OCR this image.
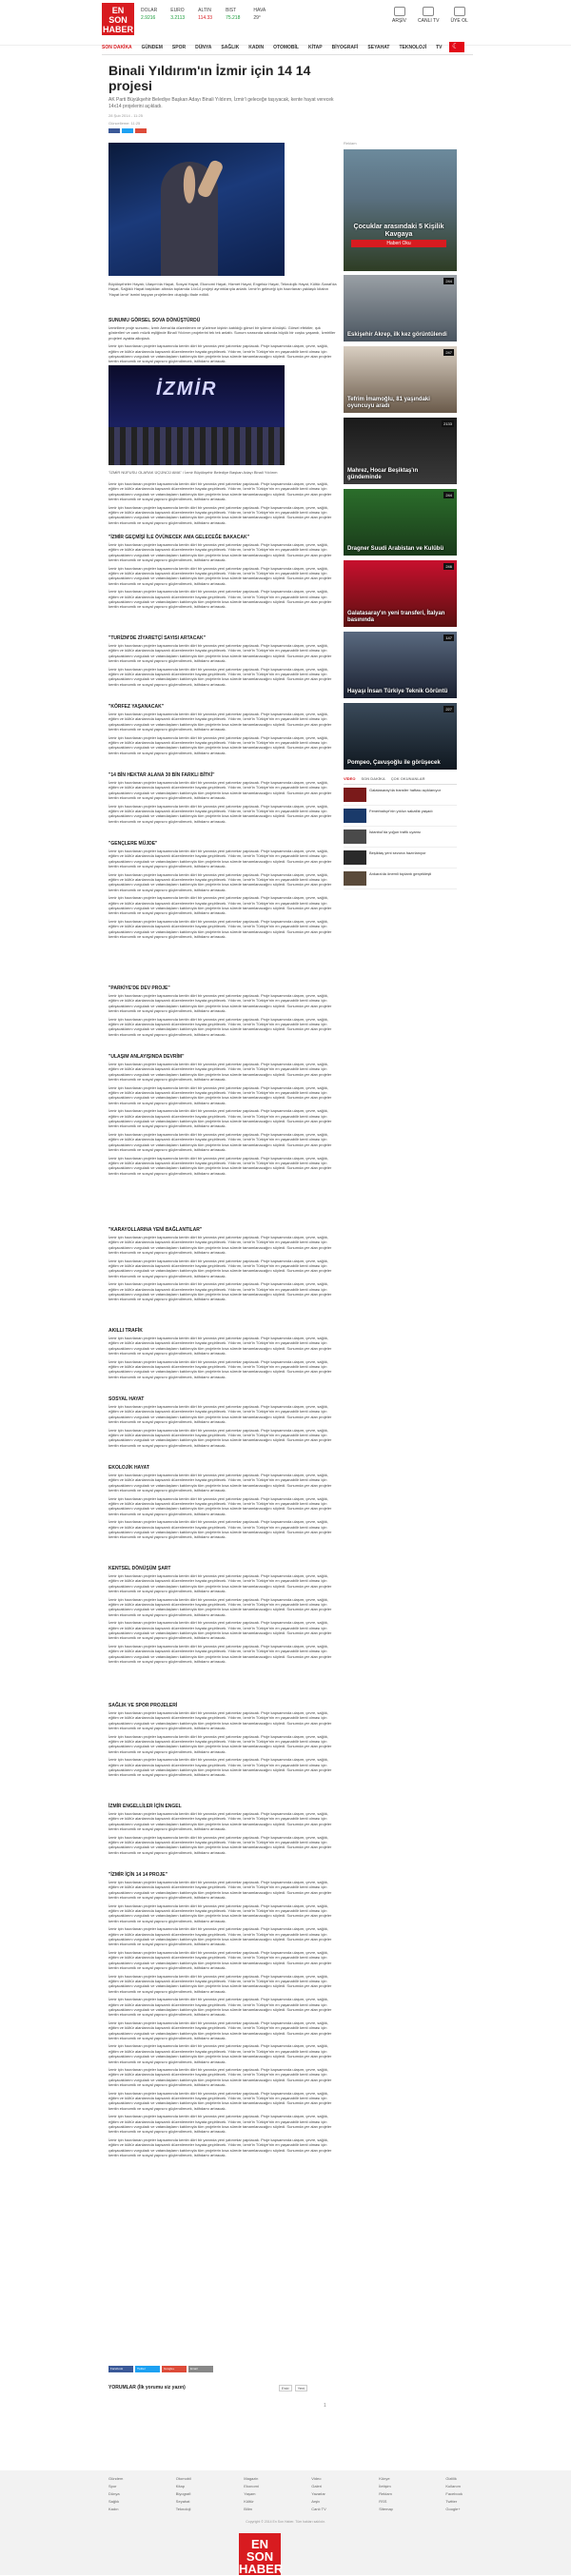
EN SON HABER
DOLAR
2.9216
EURO
3.2113
ALTIN
114.33
BIST
75.218
HAVA
29°	ARŞİV CANLI TV ÜYE OL
SON DAKİKA GÜNDEM SPOR DÜNYA SAĞLIK KADIN OTOMOBİL KİTAP BİYOGRAFİ SEYAHAT TEKNOLOJİ TV
☾
Binali Yıldırım'ın İzmir için 14 14 projesi

AK Parti Büyükşehir Belediye Başkan Adayı Binali Yıldırım, İzmir'i geleceğe taşıyacak, kente hayat verecek 14x14 projelerini açıkladı.

28 Şub 2014 - 11:25

Güncelleme: 11:25

Büyükşehirler Hayatı; Ulaşım'da Hayat, Sosyal Hayat, Ekonomi Hayat, Hizmet Hayat, Engelsiz Hayat, Teknolojik Hayat, Kültür-Sanat'da Hayat, Sağlıklı Hayat başlıkları altında toplamda 14x14 projeyi ayrıntılarıyla anlattı. İzmir'in geleceği için hazırlanan yaklaşık kitabın 'Hayat İzmir' ismini taşıyan projelerden oluştuğu ifade edildi.

SUNUMU GÖRSEL SOVA DÖNÜŞTÜRDÜ

İzmirlilere proje sunumu, İzmir Arena'da düzenlenen ve yüzlerce kişinin katıldığı görsel bir şölene dönüştü. Görsel efektler, ışık gösterileri ve canlı müzik eşliğinde Binali Yıldırım projelerini tek tek anlattı. Sunum sırasında salonda büyük bir coşku yaşandı, İzmirliler projeleri ayakta alkışladı.

İzmir için hazırlanan projeler kapsamında kentin dört bir yanında yeni yatırımlar yapılacak. Proje kapsamında ulaşım, çevre, sağlık, eğitim ve kültür alanlarında kapsamlı düzenlemeler hayata geçirilecek. Yıldırım, İzmir'in Türkiye'nin en yaşanabilir kenti olması için çalışacaklarını vurguladı ve vatandaşların katılımıyla tüm projelerin kısa sürede tamamlanacağını söyledi. Sunumda yer alan projeler kentin ekonomik ve sosyal yapısını güçlendirecek, istihdamı artıracak.

İZMİR
"İZMİR NÜFUSU OLARAK ÜÇÜNCÜ AMA" / İzmir Büyükşehir Belediye Başkan Adayı Binali Yıldırım

İzmir için hazırlanan projeler kapsamında kentin dört bir yanında yeni yatırımlar yapılacak. Proje kapsamında ulaşım, çevre, sağlık, eğitim ve kültür alanlarında kapsamlı düzenlemeler hayata geçirilecek. Yıldırım, İzmir'in Türkiye'nin en yaşanabilir kenti olması için çalışacaklarını vurguladı ve vatandaşların katılımıyla tüm projelerin kısa sürede tamamlanacağını söyledi. Sunumda yer alan projeler kentin ekonomik ve sosyal yapısını güçlendirecek, istihdamı artıracak.

İzmir için hazırlanan projeler kapsamında kentin dört bir yanında yeni yatırımlar yapılacak. Proje kapsamında ulaşım, çevre, sağlık, eğitim ve kültür alanlarında kapsamlı düzenlemeler hayata geçirilecek. Yıldırım, İzmir'in Türkiye'nin en yaşanabilir kenti olması için çalışacaklarını vurguladı ve vatandaşların katılımıyla tüm projelerin kısa sürede tamamlanacağını söyledi. Sunumda yer alan projeler kentin ekonomik ve sosyal yapısını güçlendirecek, istihdamı artıracak.

"İZMİR GEÇMİŞİ İLE ÖVÜNECEK AMA GELECEĞE BAKACAK"

İzmir için hazırlanan projeler kapsamında kentin dört bir yanında yeni yatırımlar yapılacak. Proje kapsamında ulaşım, çevre, sağlık, eğitim ve kültür alanlarında kapsamlı düzenlemeler hayata geçirilecek. Yıldırım, İzmir'in Türkiye'nin en yaşanabilir kenti olması için çalışacaklarını vurguladı ve vatandaşların katılımıyla tüm projelerin kısa sürede tamamlanacağını söyledi. Sunumda yer alan projeler kentin ekonomik ve sosyal yapısını güçlendirecek, istihdamı artıracak.

İzmir için hazırlanan projeler kapsamında kentin dört bir yanında yeni yatırımlar yapılacak. Proje kapsamında ulaşım, çevre, sağlık, eğitim ve kültür alanlarında kapsamlı düzenlemeler hayata geçirilecek. Yıldırım, İzmir'in Türkiye'nin en yaşanabilir kenti olması için çalışacaklarını vurguladı ve vatandaşların katılımıyla tüm projelerin kısa sürede tamamlanacağını söyledi. Sunumda yer alan projeler kentin ekonomik ve sosyal yapısını güçlendirecek, istihdamı artıracak.

İzmir için hazırlanan projeler kapsamında kentin dört bir yanında yeni yatırımlar yapılacak. Proje kapsamında ulaşım, çevre, sağlık, eğitim ve kültür alanlarında kapsamlı düzenlemeler hayata geçirilecek. Yıldırım, İzmir'in Türkiye'nin en yaşanabilir kenti olması için çalışacaklarını vurguladı ve vatandaşların katılımıyla tüm projelerin kısa sürede tamamlanacağını söyledi. Sunumda yer alan projeler kentin ekonomik ve sosyal yapısını güçlendirecek, istihdamı artıracak.

"TURİZM'DE ZİYARETÇİ SAYISI ARTACAK"

İzmir için hazırlanan projeler kapsamında kentin dört bir yanında yeni yatırımlar yapılacak. Proje kapsamında ulaşım, çevre, sağlık, eğitim ve kültür alanlarında kapsamlı düzenlemeler hayata geçirilecek. Yıldırım, İzmir'in Türkiye'nin en yaşanabilir kenti olması için çalışacaklarını vurguladı ve vatandaşların katılımıyla tüm projelerin kısa sürede tamamlanacağını söyledi. Sunumda yer alan projeler kentin ekonomik ve sosyal yapısını güçlendirecek, istihdamı artıracak.

İzmir için hazırlanan projeler kapsamında kentin dört bir yanında yeni yatırımlar yapılacak. Proje kapsamında ulaşım, çevre, sağlık, eğitim ve kültür alanlarında kapsamlı düzenlemeler hayata geçirilecek. Yıldırım, İzmir'in Türkiye'nin en yaşanabilir kenti olması için çalışacaklarını vurguladı ve vatandaşların katılımıyla tüm projelerin kısa sürede tamamlanacağını söyledi. Sunumda yer alan projeler kentin ekonomik ve sosyal yapısını güçlendirecek, istihdamı artıracak.

"KÖRFEZ YAŞANACAK"

İzmir için hazırlanan projeler kapsamında kentin dört bir yanında yeni yatırımlar yapılacak. Proje kapsamında ulaşım, çevre, sağlık, eğitim ve kültür alanlarında kapsamlı düzenlemeler hayata geçirilecek. Yıldırım, İzmir'in Türkiye'nin en yaşanabilir kenti olması için çalışacaklarını vurguladı ve vatandaşların katılımıyla tüm projelerin kısa sürede tamamlanacağını söyledi. Sunumda yer alan projeler kentin ekonomik ve sosyal yapısını güçlendirecek, istihdamı artıracak.

İzmir için hazırlanan projeler kapsamında kentin dört bir yanında yeni yatırımlar yapılacak. Proje kapsamında ulaşım, çevre, sağlık, eğitim ve kültür alanlarında kapsamlı düzenlemeler hayata geçirilecek. Yıldırım, İzmir'in Türkiye'nin en yaşanabilir kenti olması için çalışacaklarını vurguladı ve vatandaşların katılımıyla tüm projelerin kısa sürede tamamlanacağını söyledi. Sunumda yer alan projeler kentin ekonomik ve sosyal yapısını güçlendirecek, istihdamı artıracak.

"14 BİN HEKTAR ALANA 30 BİN FARKLI BİTKİ"

İzmir için hazırlanan projeler kapsamında kentin dört bir yanında yeni yatırımlar yapılacak. Proje kapsamında ulaşım, çevre, sağlık, eğitim ve kültür alanlarında kapsamlı düzenlemeler hayata geçirilecek. Yıldırım, İzmir'in Türkiye'nin en yaşanabilir kenti olması için çalışacaklarını vurguladı ve vatandaşların katılımıyla tüm projelerin kısa sürede tamamlanacağını söyledi. Sunumda yer alan projeler kentin ekonomik ve sosyal yapısını güçlendirecek, istihdamı artıracak.

İzmir için hazırlanan projeler kapsamında kentin dört bir yanında yeni yatırımlar yapılacak. Proje kapsamında ulaşım, çevre, sağlık, eğitim ve kültür alanlarında kapsamlı düzenlemeler hayata geçirilecek. Yıldırım, İzmir'in Türkiye'nin en yaşanabilir kenti olması için çalışacaklarını vurguladı ve vatandaşların katılımıyla tüm projelerin kısa sürede tamamlanacağını söyledi. Sunumda yer alan projeler kentin ekonomik ve sosyal yapısını güçlendirecek, istihdamı artıracak.

"GENÇLERE MÜJDE"

İzmir için hazırlanan projeler kapsamında kentin dört bir yanında yeni yatırımlar yapılacak. Proje kapsamında ulaşım, çevre, sağlık, eğitim ve kültür alanlarında kapsamlı düzenlemeler hayata geçirilecek. Yıldırım, İzmir'in Türkiye'nin en yaşanabilir kenti olması için çalışacaklarını vurguladı ve vatandaşların katılımıyla tüm projelerin kısa sürede tamamlanacağını söyledi. Sunumda yer alan projeler kentin ekonomik ve sosyal yapısını güçlendirecek, istihdamı artıracak.

İzmir için hazırlanan projeler kapsamında kentin dört bir yanında yeni yatırımlar yapılacak. Proje kapsamında ulaşım, çevre, sağlık, eğitim ve kültür alanlarında kapsamlı düzenlemeler hayata geçirilecek. Yıldırım, İzmir'in Türkiye'nin en yaşanabilir kenti olması için çalışacaklarını vurguladı ve vatandaşların katılımıyla tüm projelerin kısa sürede tamamlanacağını söyledi. Sunumda yer alan projeler kentin ekonomik ve sosyal yapısını güçlendirecek, istihdamı artıracak.

İzmir için hazırlanan projeler kapsamında kentin dört bir yanında yeni yatırımlar yapılacak. Proje kapsamında ulaşım, çevre, sağlık, eğitim ve kültür alanlarında kapsamlı düzenlemeler hayata geçirilecek. Yıldırım, İzmir'in Türkiye'nin en yaşanabilir kenti olması için çalışacaklarını vurguladı ve vatandaşların katılımıyla tüm projelerin kısa sürede tamamlanacağını söyledi. Sunumda yer alan projeler kentin ekonomik ve sosyal yapısını güçlendirecek, istihdamı artıracak.

İzmir için hazırlanan projeler kapsamında kentin dört bir yanında yeni yatırımlar yapılacak. Proje kapsamında ulaşım, çevre, sağlık, eğitim ve kültür alanlarında kapsamlı düzenlemeler hayata geçirilecek. Yıldırım, İzmir'in Türkiye'nin en yaşanabilir kenti olması için çalışacaklarını vurguladı ve vatandaşların katılımıyla tüm projelerin kısa sürede tamamlanacağını söyledi. Sunumda yer alan projeler kentin ekonomik ve sosyal yapısını güçlendirecek, istihdamı artıracak.

"PARKİYE'DE DEV PROJE"

İzmir için hazırlanan projeler kapsamında kentin dört bir yanında yeni yatırımlar yapılacak. Proje kapsamında ulaşım, çevre, sağlık, eğitim ve kültür alanlarında kapsamlı düzenlemeler hayata geçirilecek. Yıldırım, İzmir'in Türkiye'nin en yaşanabilir kenti olması için çalışacaklarını vurguladı ve vatandaşların katılımıyla tüm projelerin kısa sürede tamamlanacağını söyledi. Sunumda yer alan projeler kentin ekonomik ve sosyal yapısını güçlendirecek, istihdamı artıracak.

İzmir için hazırlanan projeler kapsamında kentin dört bir yanında yeni yatırımlar yapılacak. Proje kapsamında ulaşım, çevre, sağlık, eğitim ve kültür alanlarında kapsamlı düzenlemeler hayata geçirilecek. Yıldırım, İzmir'in Türkiye'nin en yaşanabilir kenti olması için çalışacaklarını vurguladı ve vatandaşların katılımıyla tüm projelerin kısa sürede tamamlanacağını söyledi. Sunumda yer alan projeler kentin ekonomik ve sosyal yapısını güçlendirecek, istihdamı artıracak.

"ULAŞIM ANLAYIŞINDA DEVRİM"

İzmir için hazırlanan projeler kapsamında kentin dört bir yanında yeni yatırımlar yapılacak. Proje kapsamında ulaşım, çevre, sağlık, eğitim ve kültür alanlarında kapsamlı düzenlemeler hayata geçirilecek. Yıldırım, İzmir'in Türkiye'nin en yaşanabilir kenti olması için çalışacaklarını vurguladı ve vatandaşların katılımıyla tüm projelerin kısa sürede tamamlanacağını söyledi. Sunumda yer alan projeler kentin ekonomik ve sosyal yapısını güçlendirecek, istihdamı artıracak.

İzmir için hazırlanan projeler kapsamında kentin dört bir yanında yeni yatırımlar yapılacak. Proje kapsamında ulaşım, çevre, sağlık, eğitim ve kültür alanlarında kapsamlı düzenlemeler hayata geçirilecek. Yıldırım, İzmir'in Türkiye'nin en yaşanabilir kenti olması için çalışacaklarını vurguladı ve vatandaşların katılımıyla tüm projelerin kısa sürede tamamlanacağını söyledi. Sunumda yer alan projeler kentin ekonomik ve sosyal yapısını güçlendirecek, istihdamı artıracak.

İzmir için hazırlanan projeler kapsamında kentin dört bir yanında yeni yatırımlar yapılacak. Proje kapsamında ulaşım, çevre, sağlık, eğitim ve kültür alanlarında kapsamlı düzenlemeler hayata geçirilecek. Yıldırım, İzmir'in Türkiye'nin en yaşanabilir kenti olması için çalışacaklarını vurguladı ve vatandaşların katılımıyla tüm projelerin kısa sürede tamamlanacağını söyledi. Sunumda yer alan projeler kentin ekonomik ve sosyal yapısını güçlendirecek, istihdamı artıracak.

İzmir için hazırlanan projeler kapsamında kentin dört bir yanında yeni yatırımlar yapılacak. Proje kapsamında ulaşım, çevre, sağlık, eğitim ve kültür alanlarında kapsamlı düzenlemeler hayata geçirilecek. Yıldırım, İzmir'in Türkiye'nin en yaşanabilir kenti olması için çalışacaklarını vurguladı ve vatandaşların katılımıyla tüm projelerin kısa sürede tamamlanacağını söyledi. Sunumda yer alan projeler kentin ekonomik ve sosyal yapısını güçlendirecek, istihdamı artıracak.

İzmir için hazırlanan projeler kapsamında kentin dört bir yanında yeni yatırımlar yapılacak. Proje kapsamında ulaşım, çevre, sağlık, eğitim ve kültür alanlarında kapsamlı düzenlemeler hayata geçirilecek. Yıldırım, İzmir'in Türkiye'nin en yaşanabilir kenti olması için çalışacaklarını vurguladı ve vatandaşların katılımıyla tüm projelerin kısa sürede tamamlanacağını söyledi. Sunumda yer alan projeler kentin ekonomik ve sosyal yapısını güçlendirecek, istihdamı artıracak.

"KARAYOLLARINA YENİ BAĞLANTILAR"

İzmir için hazırlanan projeler kapsamında kentin dört bir yanında yeni yatırımlar yapılacak. Proje kapsamında ulaşım, çevre, sağlık, eğitim ve kültür alanlarında kapsamlı düzenlemeler hayata geçirilecek. Yıldırım, İzmir'in Türkiye'nin en yaşanabilir kenti olması için çalışacaklarını vurguladı ve vatandaşların katılımıyla tüm projelerin kısa sürede tamamlanacağını söyledi. Sunumda yer alan projeler kentin ekonomik ve sosyal yapısını güçlendirecek, istihdamı artıracak.

İzmir için hazırlanan projeler kapsamında kentin dört bir yanında yeni yatırımlar yapılacak. Proje kapsamında ulaşım, çevre, sağlık, eğitim ve kültür alanlarında kapsamlı düzenlemeler hayata geçirilecek. Yıldırım, İzmir'in Türkiye'nin en yaşanabilir kenti olması için çalışacaklarını vurguladı ve vatandaşların katılımıyla tüm projelerin kısa sürede tamamlanacağını söyledi. Sunumda yer alan projeler kentin ekonomik ve sosyal yapısını güçlendirecek, istihdamı artıracak.

İzmir için hazırlanan projeler kapsamında kentin dört bir yanında yeni yatırımlar yapılacak. Proje kapsamında ulaşım, çevre, sağlık, eğitim ve kültür alanlarında kapsamlı düzenlemeler hayata geçirilecek. Yıldırım, İzmir'in Türkiye'nin en yaşanabilir kenti olması için çalışacaklarını vurguladı ve vatandaşların katılımıyla tüm projelerin kısa sürede tamamlanacağını söyledi. Sunumda yer alan projeler kentin ekonomik ve sosyal yapısını güçlendirecek, istihdamı artıracak.

AKILLI TRAFİK

İzmir için hazırlanan projeler kapsamında kentin dört bir yanında yeni yatırımlar yapılacak. Proje kapsamında ulaşım, çevre, sağlık, eğitim ve kültür alanlarında kapsamlı düzenlemeler hayata geçirilecek. Yıldırım, İzmir'in Türkiye'nin en yaşanabilir kenti olması için çalışacaklarını vurguladı ve vatandaşların katılımıyla tüm projelerin kısa sürede tamamlanacağını söyledi. Sunumda yer alan projeler kentin ekonomik ve sosyal yapısını güçlendirecek, istihdamı artıracak.

İzmir için hazırlanan projeler kapsamında kentin dört bir yanında yeni yatırımlar yapılacak. Proje kapsamında ulaşım, çevre, sağlık, eğitim ve kültür alanlarında kapsamlı düzenlemeler hayata geçirilecek. Yıldırım, İzmir'in Türkiye'nin en yaşanabilir kenti olması için çalışacaklarını vurguladı ve vatandaşların katılımıyla tüm projelerin kısa sürede tamamlanacağını söyledi. Sunumda yer alan projeler kentin ekonomik ve sosyal yapısını güçlendirecek, istihdamı artıracak.

SOSYAL HAYAT

İzmir için hazırlanan projeler kapsamında kentin dört bir yanında yeni yatırımlar yapılacak. Proje kapsamında ulaşım, çevre, sağlık, eğitim ve kültür alanlarında kapsamlı düzenlemeler hayata geçirilecek. Yıldırım, İzmir'in Türkiye'nin en yaşanabilir kenti olması için çalışacaklarını vurguladı ve vatandaşların katılımıyla tüm projelerin kısa sürede tamamlanacağını söyledi. Sunumda yer alan projeler kentin ekonomik ve sosyal yapısını güçlendirecek, istihdamı artıracak.

İzmir için hazırlanan projeler kapsamında kentin dört bir yanında yeni yatırımlar yapılacak. Proje kapsamında ulaşım, çevre, sağlık, eğitim ve kültür alanlarında kapsamlı düzenlemeler hayata geçirilecek. Yıldırım, İzmir'in Türkiye'nin en yaşanabilir kenti olması için çalışacaklarını vurguladı ve vatandaşların katılımıyla tüm projelerin kısa sürede tamamlanacağını söyledi. Sunumda yer alan projeler kentin ekonomik ve sosyal yapısını güçlendirecek, istihdamı artıracak.

EKOLOJİK HAYAT

İzmir için hazırlanan projeler kapsamında kentin dört bir yanında yeni yatırımlar yapılacak. Proje kapsamında ulaşım, çevre, sağlık, eğitim ve kültür alanlarında kapsamlı düzenlemeler hayata geçirilecek. Yıldırım, İzmir'in Türkiye'nin en yaşanabilir kenti olması için çalışacaklarını vurguladı ve vatandaşların katılımıyla tüm projelerin kısa sürede tamamlanacağını söyledi. Sunumda yer alan projeler kentin ekonomik ve sosyal yapısını güçlendirecek, istihdamı artıracak.

İzmir için hazırlanan projeler kapsamında kentin dört bir yanında yeni yatırımlar yapılacak. Proje kapsamında ulaşım, çevre, sağlık, eğitim ve kültür alanlarında kapsamlı düzenlemeler hayata geçirilecek. Yıldırım, İzmir'in Türkiye'nin en yaşanabilir kenti olması için çalışacaklarını vurguladı ve vatandaşların katılımıyla tüm projelerin kısa sürede tamamlanacağını söyledi. Sunumda yer alan projeler kentin ekonomik ve sosyal yapısını güçlendirecek, istihdamı artıracak.

İzmir için hazırlanan projeler kapsamında kentin dört bir yanında yeni yatırımlar yapılacak. Proje kapsamında ulaşım, çevre, sağlık, eğitim ve kültür alanlarında kapsamlı düzenlemeler hayata geçirilecek. Yıldırım, İzmir'in Türkiye'nin en yaşanabilir kenti olması için çalışacaklarını vurguladı ve vatandaşların katılımıyla tüm projelerin kısa sürede tamamlanacağını söyledi. Sunumda yer alan projeler kentin ekonomik ve sosyal yapısını güçlendirecek, istihdamı artıracak.

KENTSEL DÖNÜŞÜM ŞART

İzmir için hazırlanan projeler kapsamında kentin dört bir yanında yeni yatırımlar yapılacak. Proje kapsamında ulaşım, çevre, sağlık, eğitim ve kültür alanlarında kapsamlı düzenlemeler hayata geçirilecek. Yıldırım, İzmir'in Türkiye'nin en yaşanabilir kenti olması için çalışacaklarını vurguladı ve vatandaşların katılımıyla tüm projelerin kısa sürede tamamlanacağını söyledi. Sunumda yer alan projeler kentin ekonomik ve sosyal yapısını güçlendirecek, istihdamı artıracak.

İzmir için hazırlanan projeler kapsamında kentin dört bir yanında yeni yatırımlar yapılacak. Proje kapsamında ulaşım, çevre, sağlık, eğitim ve kültür alanlarında kapsamlı düzenlemeler hayata geçirilecek. Yıldırım, İzmir'in Türkiye'nin en yaşanabilir kenti olması için çalışacaklarını vurguladı ve vatandaşların katılımıyla tüm projelerin kısa sürede tamamlanacağını söyledi. Sunumda yer alan projeler kentin ekonomik ve sosyal yapısını güçlendirecek, istihdamı artıracak.

İzmir için hazırlanan projeler kapsamında kentin dört bir yanında yeni yatırımlar yapılacak. Proje kapsamında ulaşım, çevre, sağlık, eğitim ve kültür alanlarında kapsamlı düzenlemeler hayata geçirilecek. Yıldırım, İzmir'in Türkiye'nin en yaşanabilir kenti olması için çalışacaklarını vurguladı ve vatandaşların katılımıyla tüm projelerin kısa sürede tamamlanacağını söyledi. Sunumda yer alan projeler kentin ekonomik ve sosyal yapısını güçlendirecek, istihdamı artıracak.

İzmir için hazırlanan projeler kapsamında kentin dört bir yanında yeni yatırımlar yapılacak. Proje kapsamında ulaşım, çevre, sağlık, eğitim ve kültür alanlarında kapsamlı düzenlemeler hayata geçirilecek. Yıldırım, İzmir'in Türkiye'nin en yaşanabilir kenti olması için çalışacaklarını vurguladı ve vatandaşların katılımıyla tüm projelerin kısa sürede tamamlanacağını söyledi. Sunumda yer alan projeler kentin ekonomik ve sosyal yapısını güçlendirecek, istihdamı artıracak.

SAĞLIK VE SPOR PROJELERİ

İzmir için hazırlanan projeler kapsamında kentin dört bir yanında yeni yatırımlar yapılacak. Proje kapsamında ulaşım, çevre, sağlık, eğitim ve kültür alanlarında kapsamlı düzenlemeler hayata geçirilecek. Yıldırım, İzmir'in Türkiye'nin en yaşanabilir kenti olması için çalışacaklarını vurguladı ve vatandaşların katılımıyla tüm projelerin kısa sürede tamamlanacağını söyledi. Sunumda yer alan projeler kentin ekonomik ve sosyal yapısını güçlendirecek, istihdamı artıracak.

İzmir için hazırlanan projeler kapsamında kentin dört bir yanında yeni yatırımlar yapılacak. Proje kapsamında ulaşım, çevre, sağlık, eğitim ve kültür alanlarında kapsamlı düzenlemeler hayata geçirilecek. Yıldırım, İzmir'in Türkiye'nin en yaşanabilir kenti olması için çalışacaklarını vurguladı ve vatandaşların katılımıyla tüm projelerin kısa sürede tamamlanacağını söyledi. Sunumda yer alan projeler kentin ekonomik ve sosyal yapısını güçlendirecek, istihdamı artıracak.

İzmir için hazırlanan projeler kapsamında kentin dört bir yanında yeni yatırımlar yapılacak. Proje kapsamında ulaşım, çevre, sağlık, eğitim ve kültür alanlarında kapsamlı düzenlemeler hayata geçirilecek. Yıldırım, İzmir'in Türkiye'nin en yaşanabilir kenti olması için çalışacaklarını vurguladı ve vatandaşların katılımıyla tüm projelerin kısa sürede tamamlanacağını söyledi. Sunumda yer alan projeler kentin ekonomik ve sosyal yapısını güçlendirecek, istihdamı artıracak.

İZMİR ENGELLİLER İÇİN ENGEL

İzmir için hazırlanan projeler kapsamında kentin dört bir yanında yeni yatırımlar yapılacak. Proje kapsamında ulaşım, çevre, sağlık, eğitim ve kültür alanlarında kapsamlı düzenlemeler hayata geçirilecek. Yıldırım, İzmir'in Türkiye'nin en yaşanabilir kenti olması için çalışacaklarını vurguladı ve vatandaşların katılımıyla tüm projelerin kısa sürede tamamlanacağını söyledi. Sunumda yer alan projeler kentin ekonomik ve sosyal yapısını güçlendirecek, istihdamı artıracak.

İzmir için hazırlanan projeler kapsamında kentin dört bir yanında yeni yatırımlar yapılacak. Proje kapsamında ulaşım, çevre, sağlık, eğitim ve kültür alanlarında kapsamlı düzenlemeler hayata geçirilecek. Yıldırım, İzmir'in Türkiye'nin en yaşanabilir kenti olması için çalışacaklarını vurguladı ve vatandaşların katılımıyla tüm projelerin kısa sürede tamamlanacağını söyledi. Sunumda yer alan projeler kentin ekonomik ve sosyal yapısını güçlendirecek, istihdamı artıracak.

"İZMİR İÇİN 14 14 PROJE"

İzmir için hazırlanan projeler kapsamında kentin dört bir yanında yeni yatırımlar yapılacak. Proje kapsamında ulaşım, çevre, sağlık, eğitim ve kültür alanlarında kapsamlı düzenlemeler hayata geçirilecek. Yıldırım, İzmir'in Türkiye'nin en yaşanabilir kenti olması için çalışacaklarını vurguladı ve vatandaşların katılımıyla tüm projelerin kısa sürede tamamlanacağını söyledi. Sunumda yer alan projeler kentin ekonomik ve sosyal yapısını güçlendirecek, istihdamı artıracak.

İzmir için hazırlanan projeler kapsamında kentin dört bir yanında yeni yatırımlar yapılacak. Proje kapsamında ulaşım, çevre, sağlık, eğitim ve kültür alanlarında kapsamlı düzenlemeler hayata geçirilecek. Yıldırım, İzmir'in Türkiye'nin en yaşanabilir kenti olması için çalışacaklarını vurguladı ve vatandaşların katılımıyla tüm projelerin kısa sürede tamamlanacağını söyledi. Sunumda yer alan projeler kentin ekonomik ve sosyal yapısını güçlendirecek, istihdamı artıracak.

İzmir için hazırlanan projeler kapsamında kentin dört bir yanında yeni yatırımlar yapılacak. Proje kapsamında ulaşım, çevre, sağlık, eğitim ve kültür alanlarında kapsamlı düzenlemeler hayata geçirilecek. Yıldırım, İzmir'in Türkiye'nin en yaşanabilir kenti olması için çalışacaklarını vurguladı ve vatandaşların katılımıyla tüm projelerin kısa sürede tamamlanacağını söyledi. Sunumda yer alan projeler kentin ekonomik ve sosyal yapısını güçlendirecek, istihdamı artıracak.

İzmir için hazırlanan projeler kapsamında kentin dört bir yanında yeni yatırımlar yapılacak. Proje kapsamında ulaşım, çevre, sağlık, eğitim ve kültür alanlarında kapsamlı düzenlemeler hayata geçirilecek. Yıldırım, İzmir'in Türkiye'nin en yaşanabilir kenti olması için çalışacaklarını vurguladı ve vatandaşların katılımıyla tüm projelerin kısa sürede tamamlanacağını söyledi. Sunumda yer alan projeler kentin ekonomik ve sosyal yapısını güçlendirecek, istihdamı artıracak.

İzmir için hazırlanan projeler kapsamında kentin dört bir yanında yeni yatırımlar yapılacak. Proje kapsamında ulaşım, çevre, sağlık, eğitim ve kültür alanlarında kapsamlı düzenlemeler hayata geçirilecek. Yıldırım, İzmir'in Türkiye'nin en yaşanabilir kenti olması için çalışacaklarını vurguladı ve vatandaşların katılımıyla tüm projelerin kısa sürede tamamlanacağını söyledi. Sunumda yer alan projeler kentin ekonomik ve sosyal yapısını güçlendirecek, istihdamı artıracak.

İzmir için hazırlanan projeler kapsamında kentin dört bir yanında yeni yatırımlar yapılacak. Proje kapsamında ulaşım, çevre, sağlık, eğitim ve kültür alanlarında kapsamlı düzenlemeler hayata geçirilecek. Yıldırım, İzmir'in Türkiye'nin en yaşanabilir kenti olması için çalışacaklarını vurguladı ve vatandaşların katılımıyla tüm projelerin kısa sürede tamamlanacağını söyledi. Sunumda yer alan projeler kentin ekonomik ve sosyal yapısını güçlendirecek, istihdamı artıracak.

İzmir için hazırlanan projeler kapsamında kentin dört bir yanında yeni yatırımlar yapılacak. Proje kapsamında ulaşım, çevre, sağlık, eğitim ve kültür alanlarında kapsamlı düzenlemeler hayata geçirilecek. Yıldırım, İzmir'in Türkiye'nin en yaşanabilir kenti olması için çalışacaklarını vurguladı ve vatandaşların katılımıyla tüm projelerin kısa sürede tamamlanacağını söyledi. Sunumda yer alan projeler kentin ekonomik ve sosyal yapısını güçlendirecek, istihdamı artıracak.

İzmir için hazırlanan projeler kapsamında kentin dört bir yanında yeni yatırımlar yapılacak. Proje kapsamında ulaşım, çevre, sağlık, eğitim ve kültür alanlarında kapsamlı düzenlemeler hayata geçirilecek. Yıldırım, İzmir'in Türkiye'nin en yaşanabilir kenti olması için çalışacaklarını vurguladı ve vatandaşların katılımıyla tüm projelerin kısa sürede tamamlanacağını söyledi. Sunumda yer alan projeler kentin ekonomik ve sosyal yapısını güçlendirecek, istihdamı artıracak.

İzmir için hazırlanan projeler kapsamında kentin dört bir yanında yeni yatırımlar yapılacak. Proje kapsamında ulaşım, çevre, sağlık, eğitim ve kültür alanlarında kapsamlı düzenlemeler hayata geçirilecek. Yıldırım, İzmir'in Türkiye'nin en yaşanabilir kenti olması için çalışacaklarını vurguladı ve vatandaşların katılımıyla tüm projelerin kısa sürede tamamlanacağını söyledi. Sunumda yer alan projeler kentin ekonomik ve sosyal yapısını güçlendirecek, istihdamı artıracak.

İzmir için hazırlanan projeler kapsamında kentin dört bir yanında yeni yatırımlar yapılacak. Proje kapsamında ulaşım, çevre, sağlık, eğitim ve kültür alanlarında kapsamlı düzenlemeler hayata geçirilecek. Yıldırım, İzmir'in Türkiye'nin en yaşanabilir kenti olması için çalışacaklarını vurguladı ve vatandaşların katılımıyla tüm projelerin kısa sürede tamamlanacağını söyledi. Sunumda yer alan projeler kentin ekonomik ve sosyal yapısını güçlendirecek, istihdamı artıracak.

İzmir için hazırlanan projeler kapsamında kentin dört bir yanında yeni yatırımlar yapılacak. Proje kapsamında ulaşım, çevre, sağlık, eğitim ve kültür alanlarında kapsamlı düzenlemeler hayata geçirilecek. Yıldırım, İzmir'in Türkiye'nin en yaşanabilir kenti olması için çalışacaklarını vurguladı ve vatandaşların katılımıyla tüm projelerin kısa sürede tamamlanacağını söyledi. Sunumda yer alan projeler kentin ekonomik ve sosyal yapısını güçlendirecek, istihdamı artıracak.

İzmir için hazırlanan projeler kapsamında kentin dört bir yanında yeni yatırımlar yapılacak. Proje kapsamında ulaşım, çevre, sağlık, eğitim ve kültür alanlarında kapsamlı düzenlemeler hayata geçirilecek. Yıldırım, İzmir'in Türkiye'nin en yaşanabilir kenti olması için çalışacaklarını vurguladı ve vatandaşların katılımıyla tüm projelerin kısa sürede tamamlanacağını söyledi. Sunumda yer alan projeler kentin ekonomik ve sosyal yapısını güçlendirecek, istihdamı artıracak.

Facebook	Twitter	Google+	Email
YORUMLAR (İlk yorumu siz yazın)	Eski	Yeni
1
Reklam
Çocuklar arasındaki 5 Kişilik Kavgaya
Haberi Oku
244
Eskişehir Akrep, ilk kez görüntülendi
247
Tefrim İmamoğlu, 81 yaşındaki oyuncuyu aradı
2133
Mahrez, Hocar Beşiktaş'ın gündeminde
244
Dragner Suudi Arabistan ve Kulübü
246
Galatasaray'ın yeni transferi, İtalyan basınında
147
Hayaşı İnsan Türkiye Teknik Görüntü
227
Pompeo, Çavuşoğlu ile görüşecek
VİDEO SON DAKİKA ÇOK OKUNANLAR
Galatasaray'da transfer haftası açıklanıyor
Fenerbahçe'nin yıldızı sakatlık yaşadı
İstanbul'da yoğun trafik uyarısı
Beşiktaş yeni sezona hazırlanıyor
Ankara'da önemli toplantı gerçekleşti
Gündem
Spor
Dünya
Sağlık
Kadın
Otomobil
Kitap
Biyografi
Seyahat
Teknoloji
Magazin
Ekonomi
Yaşam
Kültür
Bilim
Video
Galeri
Yazarlar
Arşiv
Canlı TV
Künye
İletişim
Reklam
RSS
Sitemap
Gizlilik
Kullanım
Facebook
Twitter
Google+
Copyright © 2014 En Son Haber. Tüm hakları saklıdır.
EN SON HABER
